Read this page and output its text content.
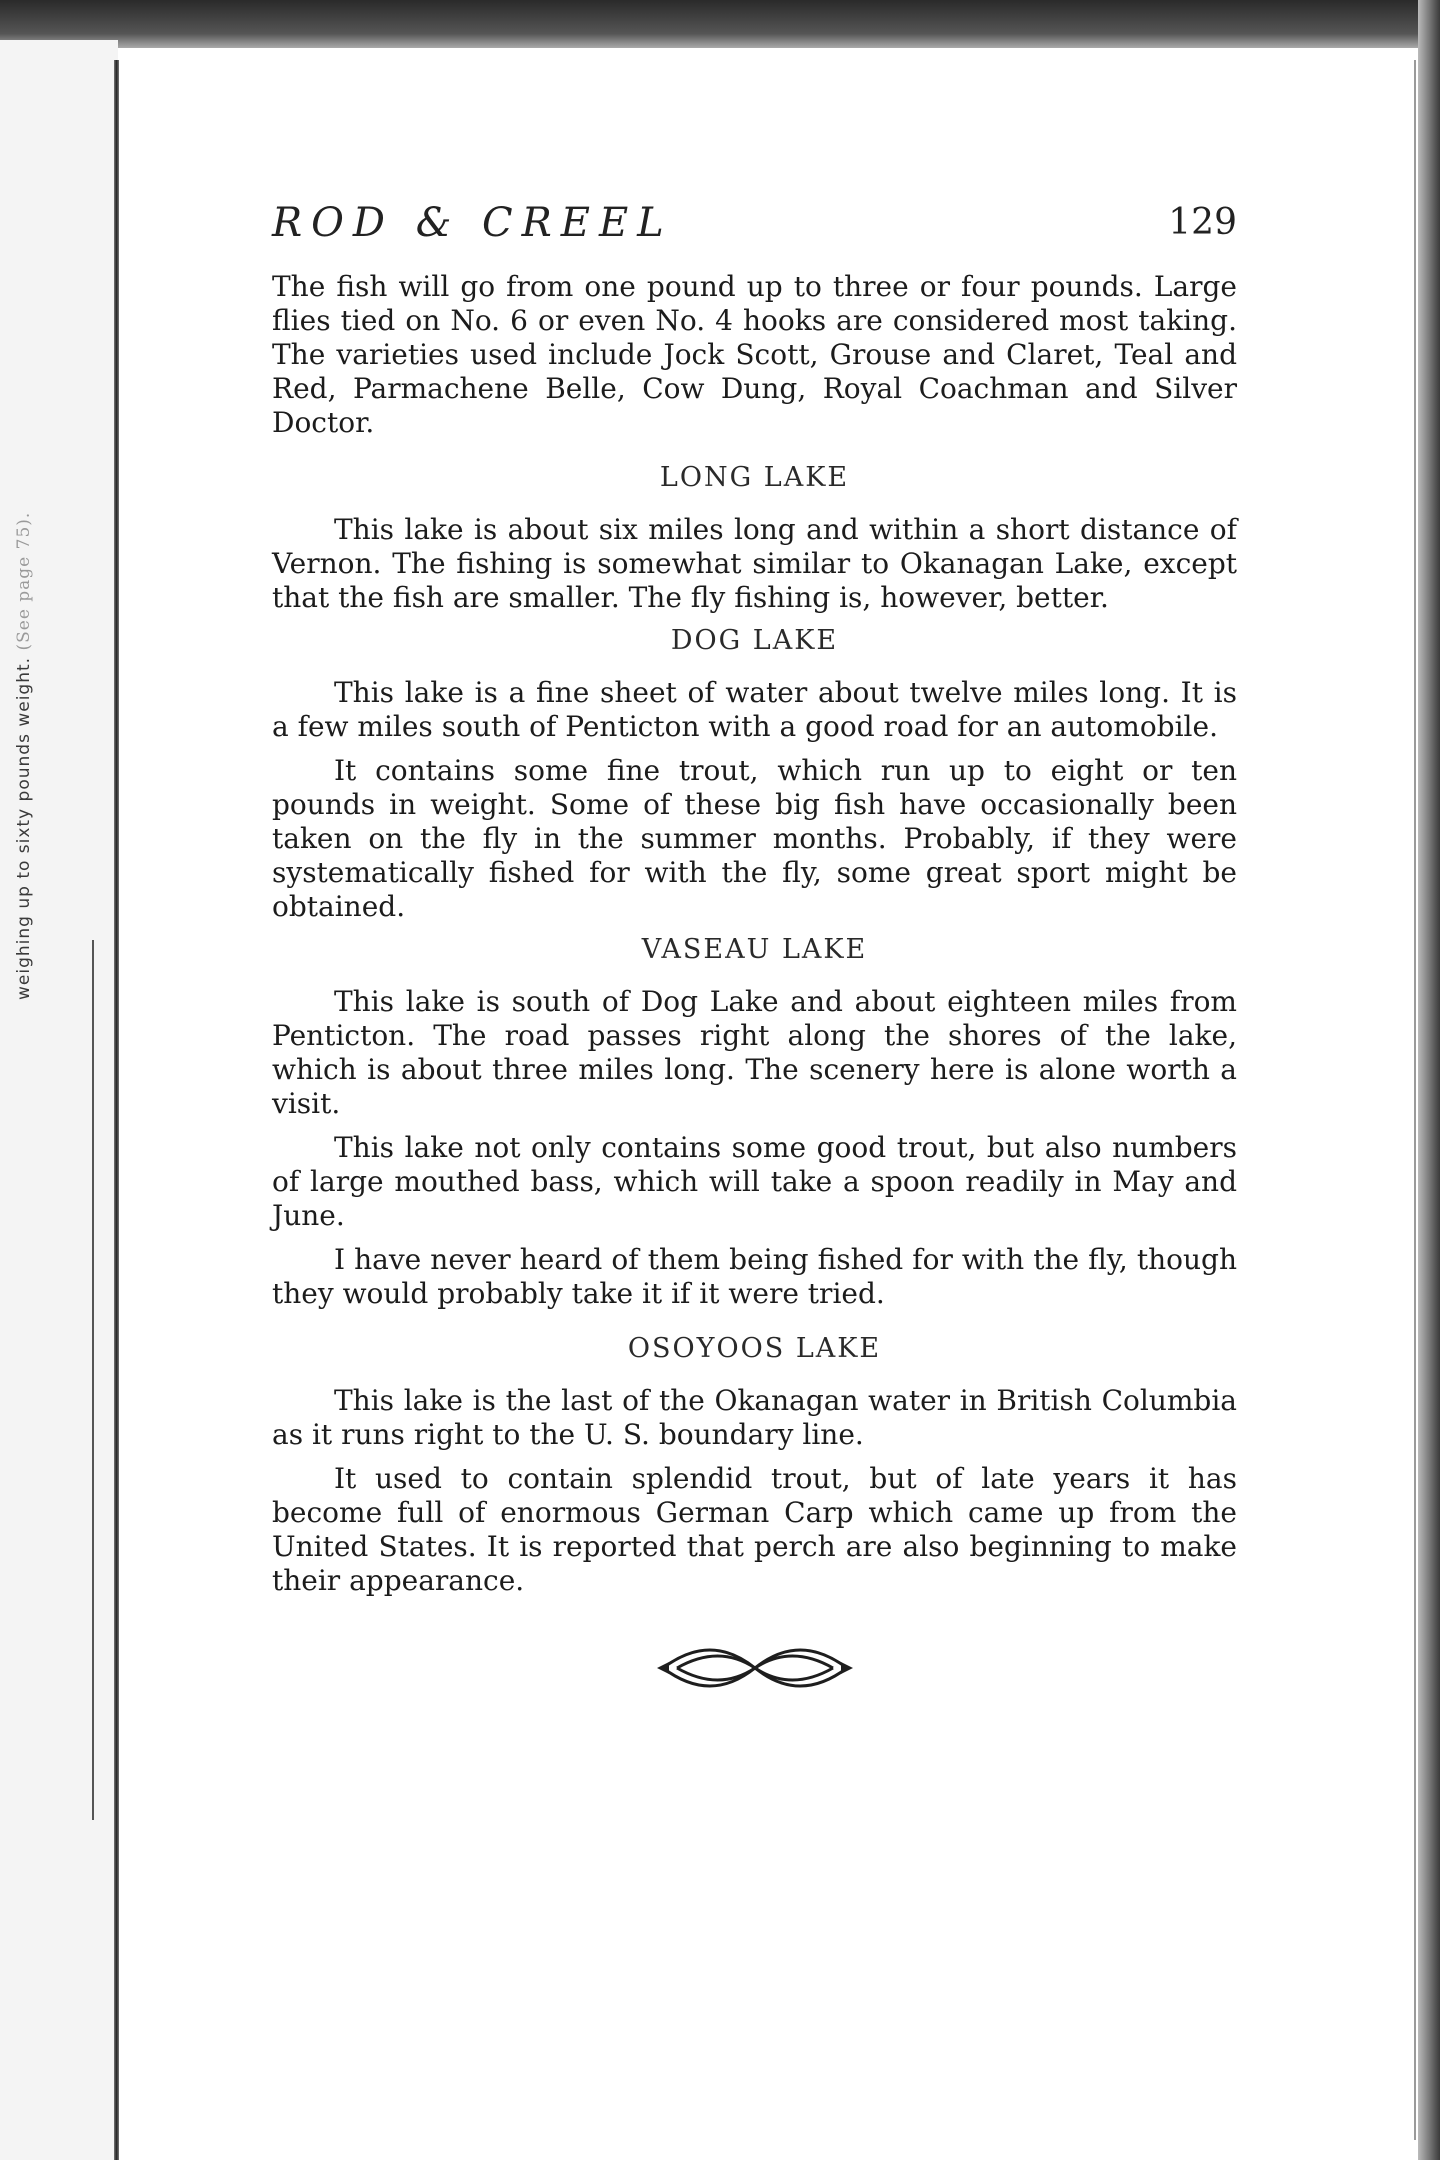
weighing up to sixty pounds weight. (See page 75).
ROD & CREEL	129

The fish will go from one pound up to three or four pounds. Large flies tied on No. 6 or even No. 4 hooks are considered most taking. The varieties used include Jock Scott, Grouse and Claret, Teal and Red, Parmachene Belle, Cow Dung, Royal Coachman and Silver Doctor.

LONG LAKE

This lake is about six miles long and within a short distance of Vernon. The fishing is somewhat similar to Okanagan Lake, except that the fish are smaller. The fly fishing is, however, better.

DOG LAKE

This lake is a fine sheet of water about twelve miles long. It is a few miles south of Penticton with a good road for an automobile.

It contains some fine trout, which run up to eight or ten pounds in weight. Some of these big fish have occasionally been taken on the fly in the summer months. Probably, if they were systematically fished for with the fly, some great sport might be obtained.

VASEAU LAKE

This lake is south of Dog Lake and about eighteen miles from Penticton. The road passes right along the shores of the lake, which is about three miles long. The scenery here is alone worth a visit.

This lake not only contains some good trout, but also numbers of large mouthed bass, which will take a spoon readily in May and June.

I have never heard of them being fished for with the fly, though they would probably take it if it were tried.

OSOYOOS LAKE

This lake is the last of the Okanagan water in British Columbia as it runs right to the U. S. boundary line.

It used to contain splendid trout, but of late years it has become full of enormous German Carp which came up from the United States. It is reported that perch are also beginning to make their appearance.
